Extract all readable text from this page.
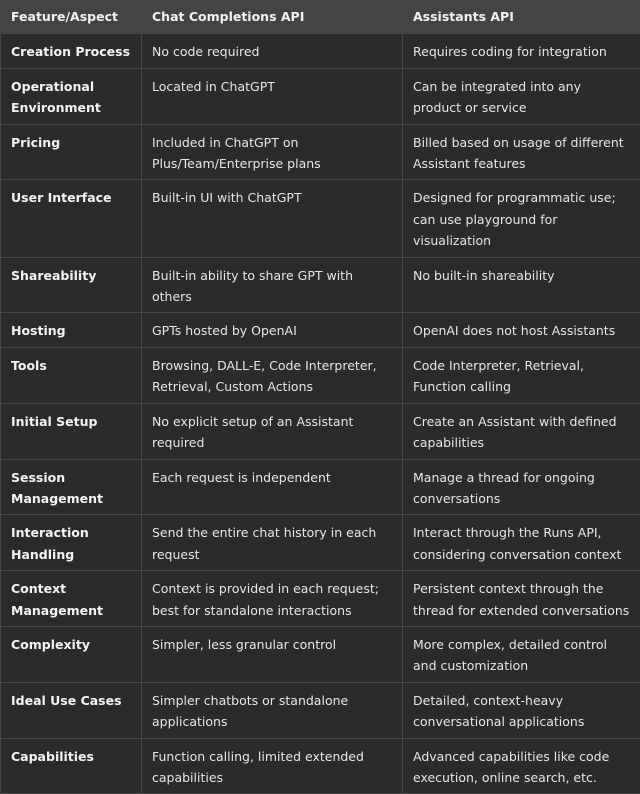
Feature/Aspect	Chat Completions API	Assistants API
Creation Process	No code required	Requires coding for integration
Operational Environment	Located in ChatGPT	Can be integrated into any product or service
Pricing	Included in ChatGPT on Plus/Team/Enterprise plans	Billed based on usage of different Assistant features
User Interface	Built-in UI with ChatGPT	Designed for programmatic use; can use playground for visualization
Shareability	Built-in ability to share GPT with others	No built-in shareability
Hosting	GPTs hosted by OpenAI	OpenAI does not host Assistants
Tools	Browsing, DALL-E, Code Interpreter, Retrieval, Custom Actions	Code Interpreter, Retrieval, Function calling
Initial Setup	No explicit setup of an Assistant required	Create an Assistant with defined capabilities
Session Management	Each request is independent	Manage a thread for ongoing conversations
Interaction Handling	Send the entire chat history in each request	Interact through the Runs API, considering conversation context
Context Management	Context is provided in each request; best for standalone interactions	Persistent context through the thread for extended conversations
Complexity	Simpler, less granular control	More complex, detailed control and customization
Ideal Use Cases	Simpler chatbots or standalone applications	Detailed, context-heavy conversational applications
Capabilities	Function calling, limited extended capabilities	Advanced capabilities like code execution, online search, etc.
